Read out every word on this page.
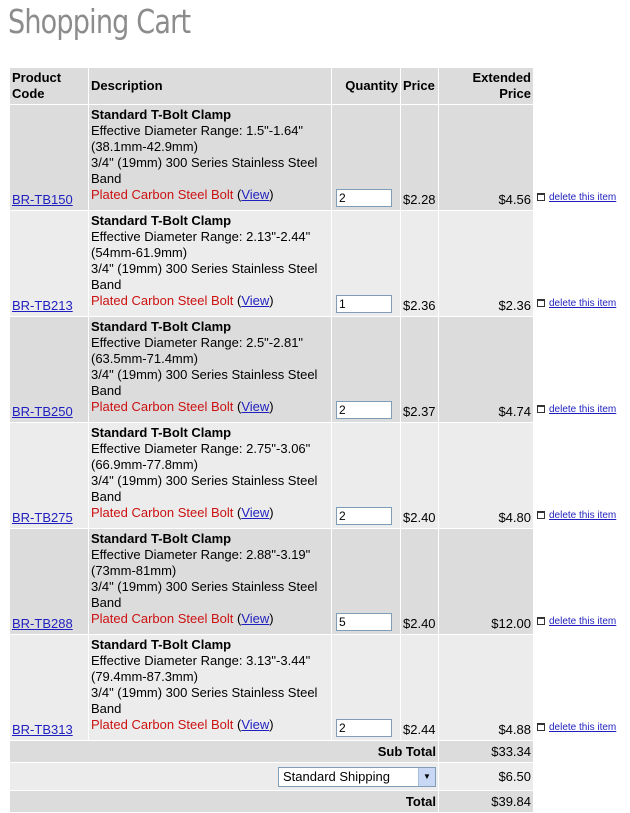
Shopping Cart
Product Code	Description	Quantity	Price	Extended Price	
BR-TB150	Standard T-Bolt Clamp
Effective Diameter Range: 1.5"-1.64" (38.1mm-42.9mm)
3/4" (19mm) 300 Series Stainless Steel Band
Plated Carbon Steel Bolt (View)
	2	$2.28	$4.56	delete this item
BR-TB213	Standard T-Bolt Clamp
Effective Diameter Range: 2.13"-2.44" (54mm-61.9mm)
3/4" (19mm) 300 Series Stainless Steel Band
Plated Carbon Steel Bolt (View)
	1	$2.36	$2.36	delete this item
BR-TB250	Standard T-Bolt Clamp
Effective Diameter Range: 2.5"-2.81" (63.5mm-71.4mm)
3/4" (19mm) 300 Series Stainless Steel Band
Plated Carbon Steel Bolt (View)
	2	$2.37	$4.74	delete this item
BR-TB275	Standard T-Bolt Clamp
Effective Diameter Range: 2.75"-3.06" (66.9mm-77.8mm)
3/4" (19mm) 300 Series Stainless Steel Band
Plated Carbon Steel Bolt (View)
	2	$2.40	$4.80	delete this item
BR-TB288	Standard T-Bolt Clamp
Effective Diameter Range: 2.88"-3.19" (73mm-81mm)
3/4" (19mm) 300 Series Stainless Steel Band
Plated Carbon Steel Bolt (View)
	5	$2.40	$12.00	delete this item
BR-TB313	Standard T-Bolt Clamp
Effective Diameter Range: 3.13"-3.44" (79.4mm-87.3mm)
3/4" (19mm) 300 Series Stainless Steel Band
Plated Carbon Steel Bolt (View)
	2	$2.44	$4.88	delete this item
Sub Total				$33.34	
Standard Shipping ▼				$6.50	
Total				$39.84	
